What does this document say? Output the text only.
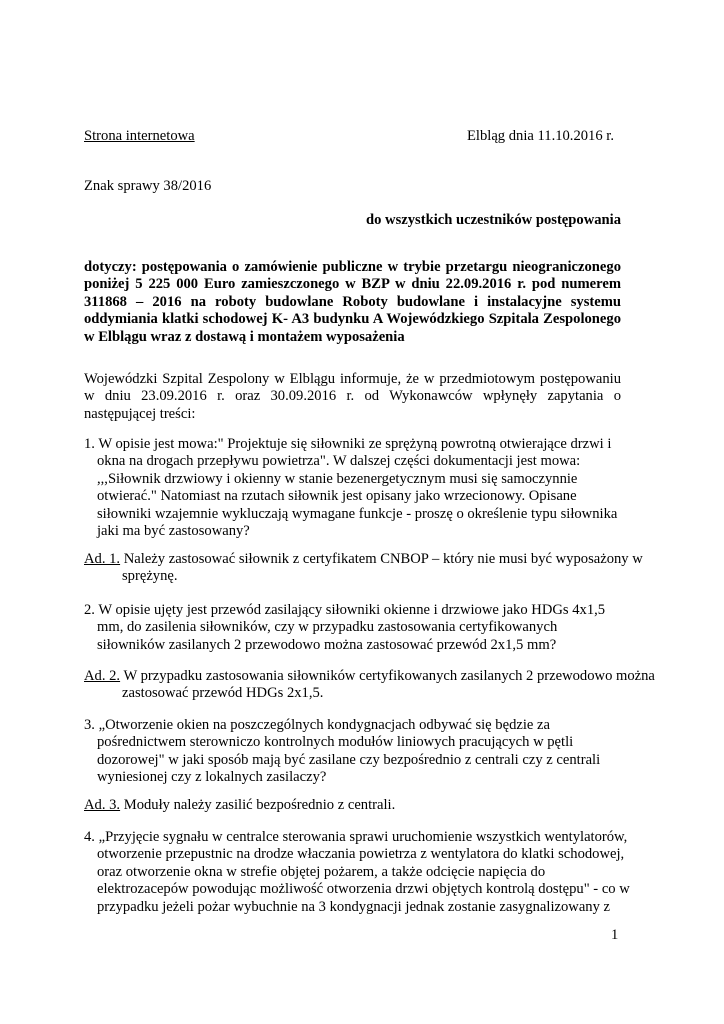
Strona internetowa	Elbląg dnia 11.10.2016 r.
Znak sprawy 38/2016
do wszystkich uczestników postępowania

dotyczy: postępowania o zamówienie publiczne w trybie przetargu nieograniczonego poniżej 5 225 000 Euro zamieszczonego w BZP w dniu 22.09.2016 r. pod numerem 311868 – 2016 na roboty budowlane Roboty budowlane i instalacyjne systemu oddymiania klatki schodowej K- A3 budynku A Wojewódzkiego Szpitala Zespolonego w Elblągu wraz z dostawą i montażem wyposażenia

Wojewódzki Szpital Zespolony w Elblągu informuje, że w przedmiotowym postępowaniu w dniu 23.09.2016 r. oraz 30.09.2016 r. od Wykonawców wpłynęły zapytania o następującej treści:

1. W opisie jest mowa:" Projektuje się siłowniki ze sprężyną powrotną otwierające drzwi i okna na drogach przepływu powietrza". W dalszej części dokumentacji jest mowa: ,,,Siłownik drzwiowy i okienny w stanie bezenergetycznym musi się samoczynnie otwierać." Natomiast na rzutach siłownik jest opisany jako wrzecionowy. Opisane siłowniki wzajemnie wykluczają wymagane funkcje - proszę o określenie typu siłownika jaki ma być zastosowany?

Ad. 1. Należy zastosować siłownik z certyfikatem CNBOP – który nie musi być wyposażony w sprężynę.

2. W opisie ujęty jest przewód zasilający siłowniki okienne i drzwiowe jako HDGs 4x1,5 mm, do zasilenia siłowników, czy w przypadku zastosowania certyfikowanych siłowników zasilanych 2 przewodowo można zastosować przewód 2x1,5 mm?

Ad. 2. W przypadku zastosowania siłowników certyfikowanych zasilanych 2 przewodowo można zastosować przewód HDGs 2x1,5.

3. „Otworzenie okien na poszczególnych kondygnacjach odbywać się będzie za pośrednictwem sterowniczo kontrolnych modułów liniowych pracujących w pętli dozorowej" w jaki sposób mają być zasilane czy bezpośrednio z centrali czy z centrali wyniesionej czy z lokalnych zasilaczy?

Ad. 3. Moduły należy zasilić bezpośrednio z centrali.

4. „Przyjęcie sygnału w centralce sterowania sprawi uruchomienie wszystkich wentylatorów, otworzenie przepustnic na drodze właczania powietrza z wentylatora do klatki schodowej, oraz otworzenie okna w strefie objętej pożarem, a także odcięcie napięcia do elektrozacepów powodując możliwość otworzenia drzwi objętych kontrolą dostępu" - co w przypadku jeżeli pożar wybuchnie na 3 kondygnacji jednak zostanie zasygnalizowany z

1
